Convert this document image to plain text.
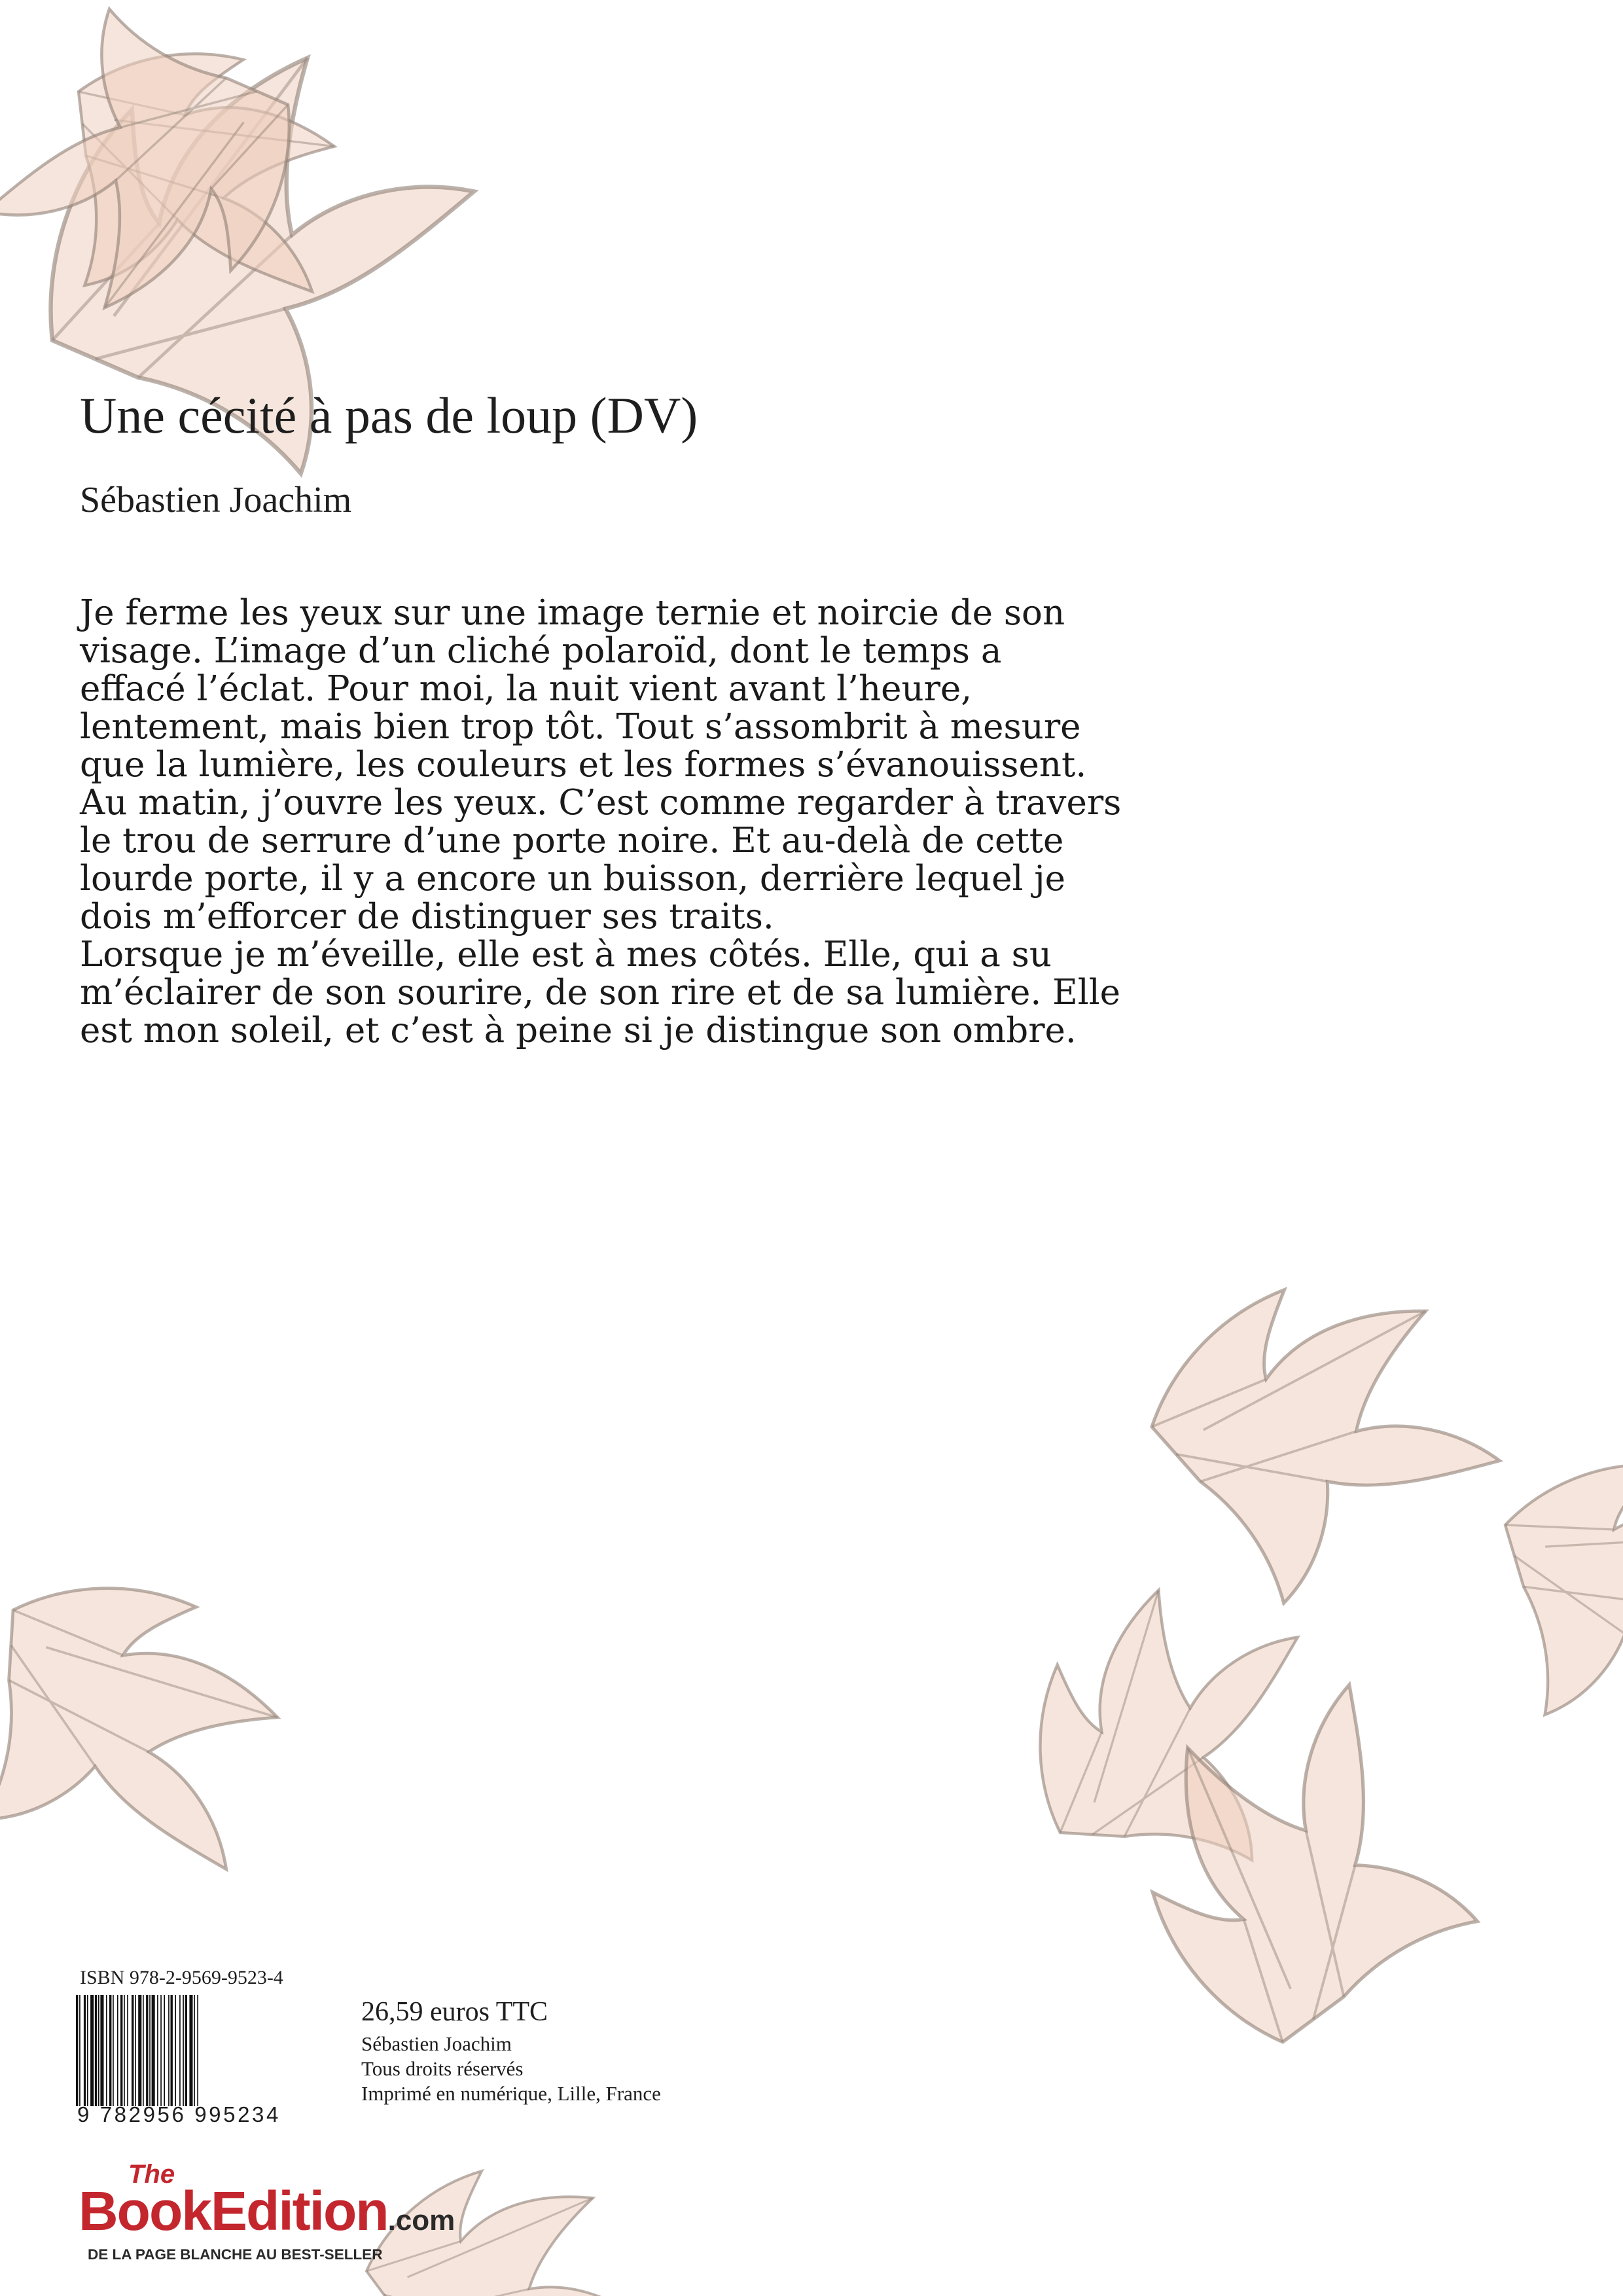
Une cécité à pas de loup (DV)
Sébastien Joachim

Je ferme les yeux sur une image ternie et noircie de son

visage. L’image d’un cliché polaroïd, dont le temps a

effacé l’éclat. Pour moi, la nuit vient avant l’heure,

lentement, mais bien trop tôt. Tout s’assombrit à mesure

que la lumière, les couleurs et les formes s’évanouissent.

Au matin, j’ouvre les yeux. C’est comme regarder à travers

le trou de serrure d’une porte noire. Et au-delà de cette

lourde porte, il y a encore un buisson, derrière lequel je

dois m’efforcer de distinguer ses traits.

Lorsque je m’éveille, elle est à mes côtés. Elle, qui a su

m’éclairer de son sourire, de son rire et de sa lumière. Elle

est mon soleil, et c’est à peine si je distingue son ombre.

ISBN 978-2-9569-9523-4
9 782956 995234

26,59 euros TTC

Sébastien Joachim

Tous droits réservés

Imprimé en numérique, Lille, France

The
BookEdition.com
DE LA PAGE BLANCHE AU BEST-SELLER
